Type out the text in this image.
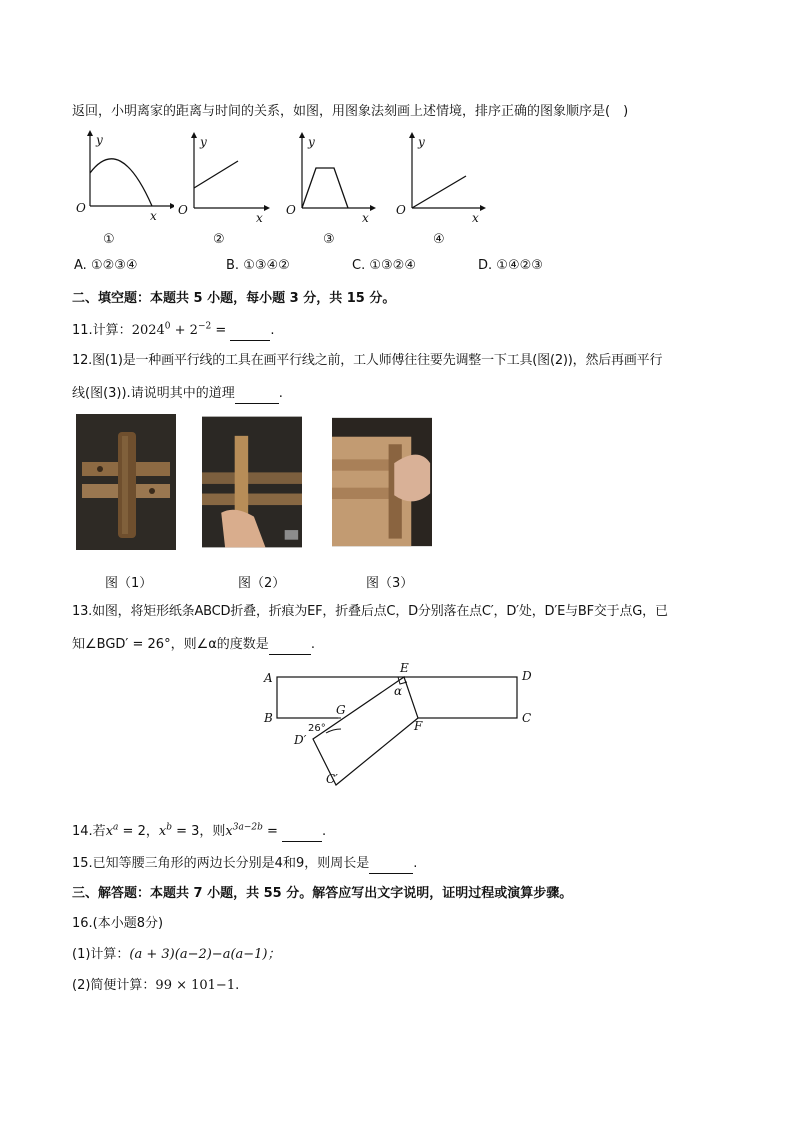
返回，小明离家的距离与时间的关系，如图，用图象法刻画上述情境，排序正确的图象顺序是(　)
O
y
x O
y
x
O
y
x
O
y
x
①	②	③	④
A. ①②③④	B. ①③④②	C. ①③②④	D. ①④②③
二、填空题：本题共 5 小题，每小题 3 分，共 15 分。
11.计算：$2024^0 + 2^{-2}$ =	.
12.图(1)是一种画平行线的工具在画平行线之前，工人师傅往往要先调整一下工具(图(2))，然后再画平行
线(图(3)).请说明其中的道理	.
图（1）	图（2）	图（3）
13.如图，将矩形纸条ABCD折叠，折痕为EF，折叠后点C，D分别落在点C′，D′处，D′E与BF交于点G，已
知∠BGD′ = 26°，则∠α的度数是	.
A
B
D
C
E
F
G
D′
C′
α
26°
14.若$x^a = 2$，$x^b = 3$，则$x^{3a-2b}$ =	.
15.已知等腰三角形的两边长分别是4和9，则周长是	.
三、解答题：本题共 7 小题，共 55 分。解答应写出文字说明，证明过程或演算步骤。
16.(本小题8分)
(1)计算：(a + 3)(a−2)−a(a−1)；
(2)简便计算：99 × 101−1.
